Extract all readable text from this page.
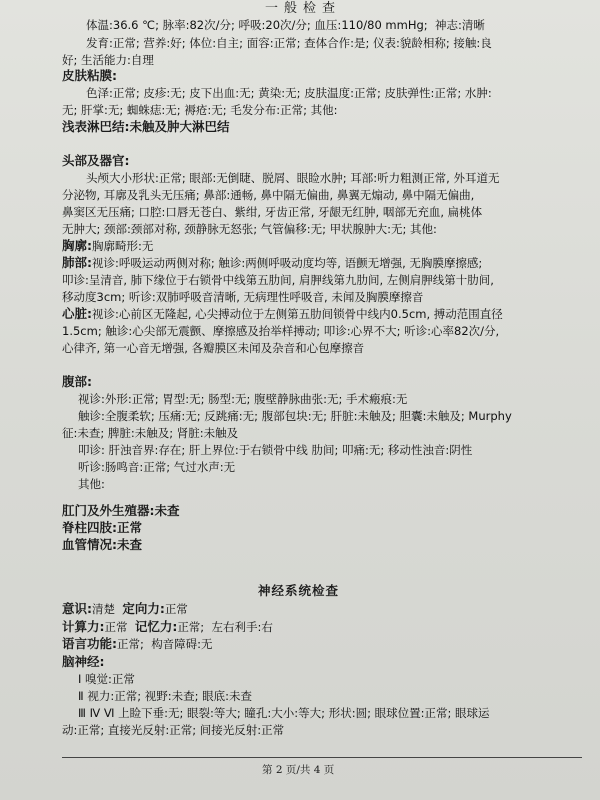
一般检查
体温:36.6 ℃; 脉率:82次/分; 呼吸:20次/分; 血压:110/80 mmHg;  神志:清晰
发育:正常; 营养:好; 体位:自主; 面容:正常; 查体合作:是; 仪表:貌龄相称; 接触:良
好; 生活能力:自理
皮肤粘膜:
色泽:正常; 皮疹:无; 皮下出血:无; 黄染:无; 皮肤温度:正常; 皮肤弹性:正常; 水肿:
无; 肝掌:无; 蜘蛛痣:无; 褥疮:无; 毛发分布:正常; 其他:
浅表淋巴结:未触及肿大淋巴结
头部及器官:
头颅大小形状:正常; 眼部:无倒睫、脱屑、眼睑水肿; 耳部:听力粗测正常, 外耳道无
分泌物, 耳廓及乳头无压痛; 鼻部:通畅, 鼻中隔无偏曲, 鼻翼无煽动, 鼻中隔无偏曲,
鼻窦区无压痛; 口腔:口唇无苍白、紫绀, 牙齿正常, 牙龈无红肿, 咽部无充血, 扁桃体
无肿大; 颈部:颈部对称, 颈静脉无怒张; 气管偏移:无; 甲状腺肿大:无; 其他:
胸廓:胸廓畸形:无
肺部:视诊:呼吸运动两侧对称; 触诊:两侧呼吸动度均等, 语颤无增强, 无胸膜摩擦感;
叩诊:呈清音, 肺下缘位于右锁骨中线第五肋间, 肩胛线第九肋间, 左侧肩胛线第十肋间,
移动度3cm; 听诊:双肺呼吸音清晰, 无病理性呼吸音, 未闻及胸膜摩擦音
心脏:视诊:心前区无隆起, 心尖搏动位于左侧第五肋间锁骨中线内0.5cm, 搏动范围直径
1.5cm; 触诊:心尖部无震颤、摩擦感及抬举样搏动; 叩诊:心界不大; 听诊:心率82次/分,
心律齐, 第一心音无增强, 各瓣膜区未闻及杂音和心包摩擦音
腹部:
视诊:外形:正常; 胃型:无; 肠型:无; 腹壁静脉曲张:无; 手术瘢痕:无
触诊:全腹柔软; 压痛:无; 反跳痛:无; 腹部包块:无; 肝脏:未触及; 胆囊:未触及; Murphy
征:未查; 脾脏:未触及; 肾脏:未触及
叩诊: 肝浊音界:存在; 肝上界位:于右锁骨中线 肋间; 叩痛:无; 移动性浊音:阴性
听诊:肠鸣音:正常; 气过水声:无
其他:
肛门及外生殖器:未查
脊柱四肢:正常
血管情况:未查
神经系统检查
意识:清楚 定向力:正常
计算力:正常 记忆力:正常; 左右利手:右
语言功能:正常; 构音障碍:无
脑神经:
Ⅰ 嗅觉:正常
Ⅱ 视力:正常; 视野:未查; 眼底:未查
Ⅲ Ⅳ Ⅵ 上睑下垂:无; 眼裂:等大; 瞳孔:大小:等大; 形状:圆; 眼球位置:正常; 眼球运
动:正常; 直接光反射:正常; 间接光反射:正常
第 2 页/共 4 页
